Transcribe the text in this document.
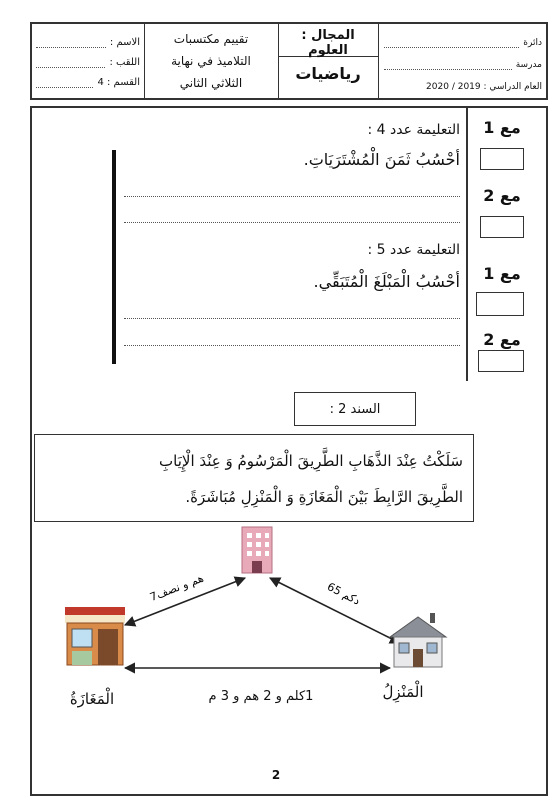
الاسم :
اللقب :
القسم : 4
تقييم مكتسبات
التلاميذ في نهاية
الثلاثي الثاني
المجال : العلوم
رياضيات
دائرة
مدرسة
العام الدراسي : 2019 / 2020
مع 1
مع 2
مع 1
مع 2
التعليمة عدد 4 :
أحْسُبُ ثَمَنَ الْمُشْتَرَيَاتِ.
التعليمة عدد 5 :
أحْسُبُ الْمَبْلَغَ الْمُتَبَقِّي.
السند 2 :
سَلَكْتُ عِنْدَ الذَّهَابِ الطَّرِيقَ الْمَرْسُومُ وَ عِنْدَ الْإِيَابِ
الطَّرِيقَ الرَّابِطَ بَيْنَ الْمَغَازَةِ وَ الْمَنْزِلِ مُبَاشَرَةً.
7هم و نصف	65 دكم
1كلم و 2 هم و 3 م	الْمَنْزِلُ
الْمَغَازَةُ
2
